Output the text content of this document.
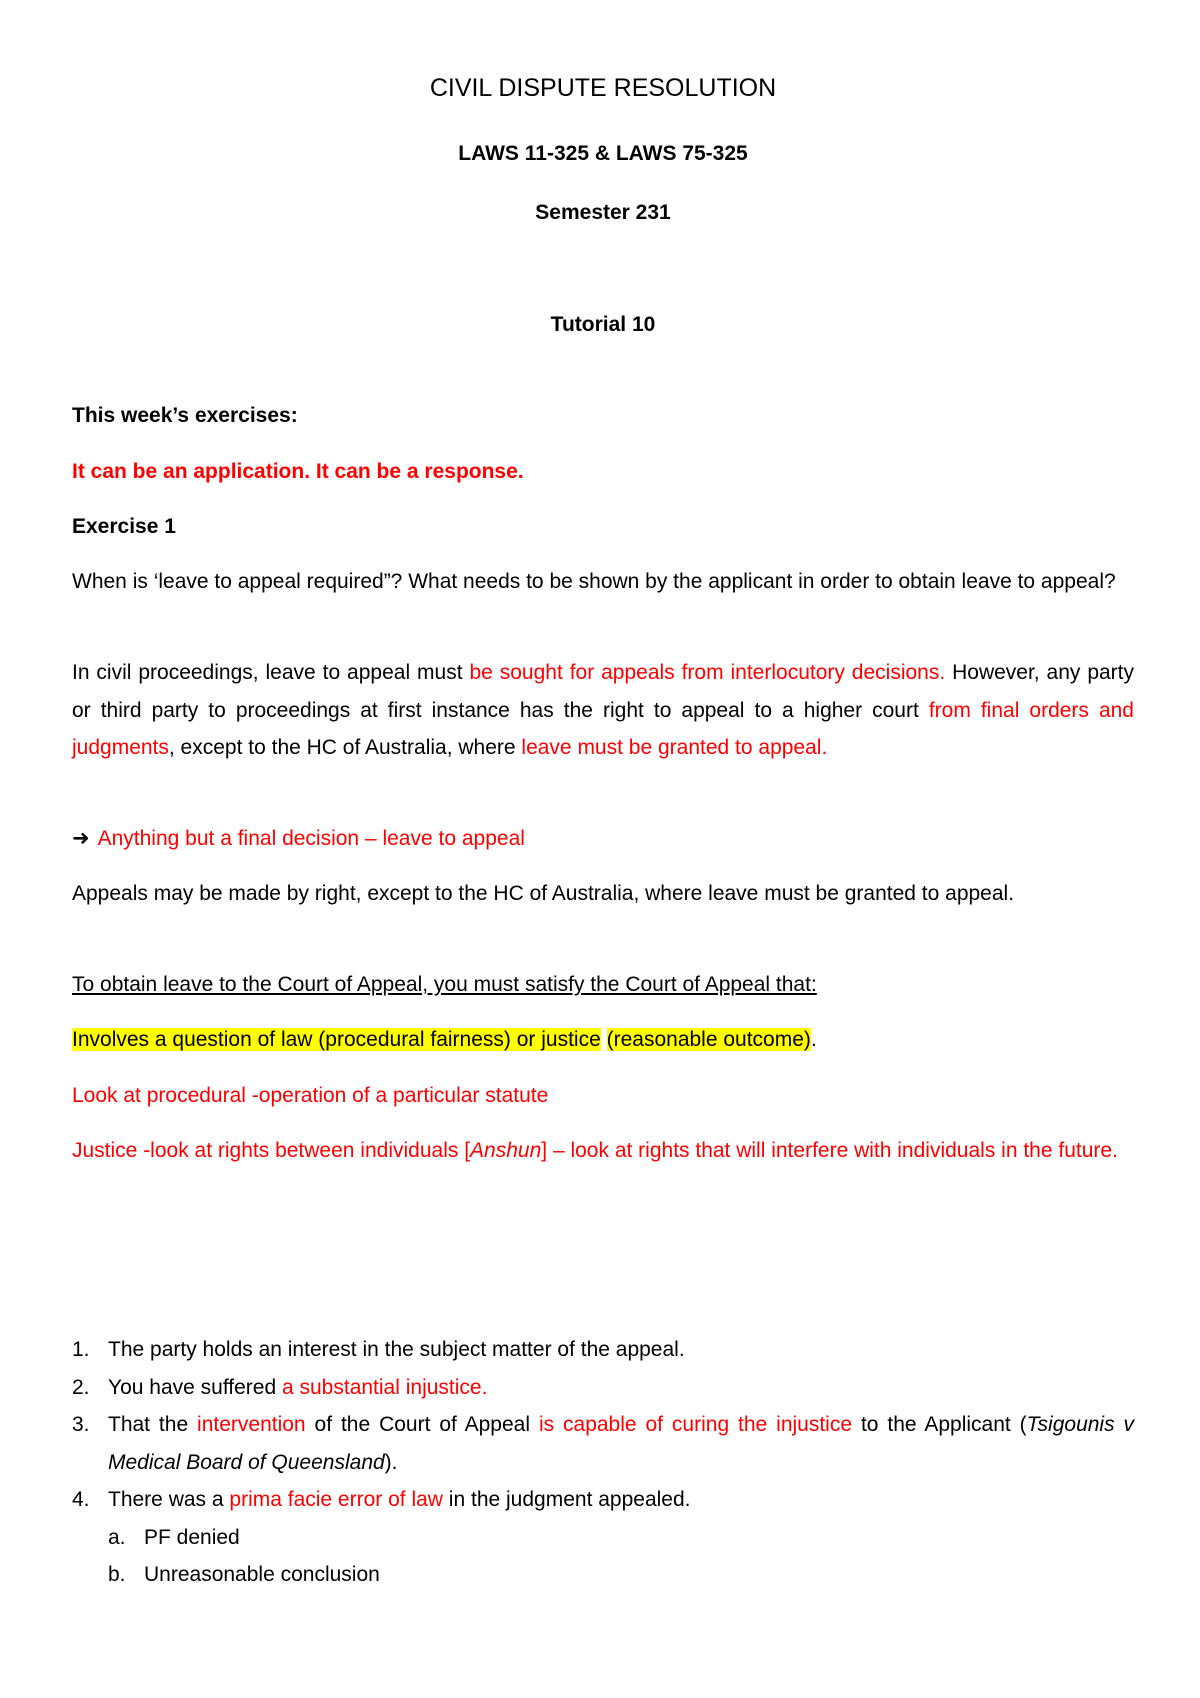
CIVIL DISPUTE RESOLUTION
LAWS 11-325 & LAWS 75-325
Semester 231
Tutorial 10
This week’s exercises:
It can be an application. It can be a response.
Exercise 1
When is ‘leave to appeal required”? What needs to be shown by the applicant in order to obtain leave to appeal?
In civil proceedings, leave to appeal must be sought for appeals from interlocutory decisions. However, any party or third party to proceedings at first instance has the right to appeal to a higher court from final orders and judgments, except to the HC of Australia, where leave must be granted to appeal.
➜ Anything but a final decision – leave to appeal
Appeals may be made by right, except to the HC of Australia, where leave must be granted to appeal.
To obtain leave to the Court of Appeal, you must satisfy the Court of Appeal that:
Involves a question of law (procedural fairness) or justice (reasonable outcome).
Look at procedural -operation of a particular statute
Justice -look at rights between individuals [Anshun] – look at rights that will interfere with individuals in the future.
1. The party holds an interest in the subject matter of the appeal.
2. You have suffered a substantial injustice.
3. That the intervention of the Court of Appeal is capable of curing the injustice to the Applicant (Tsigounis v Medical Board of Queensland).
4. There was a prima facie error of law in the judgment appealed.
a. PF denied
b. Unreasonable conclusion
